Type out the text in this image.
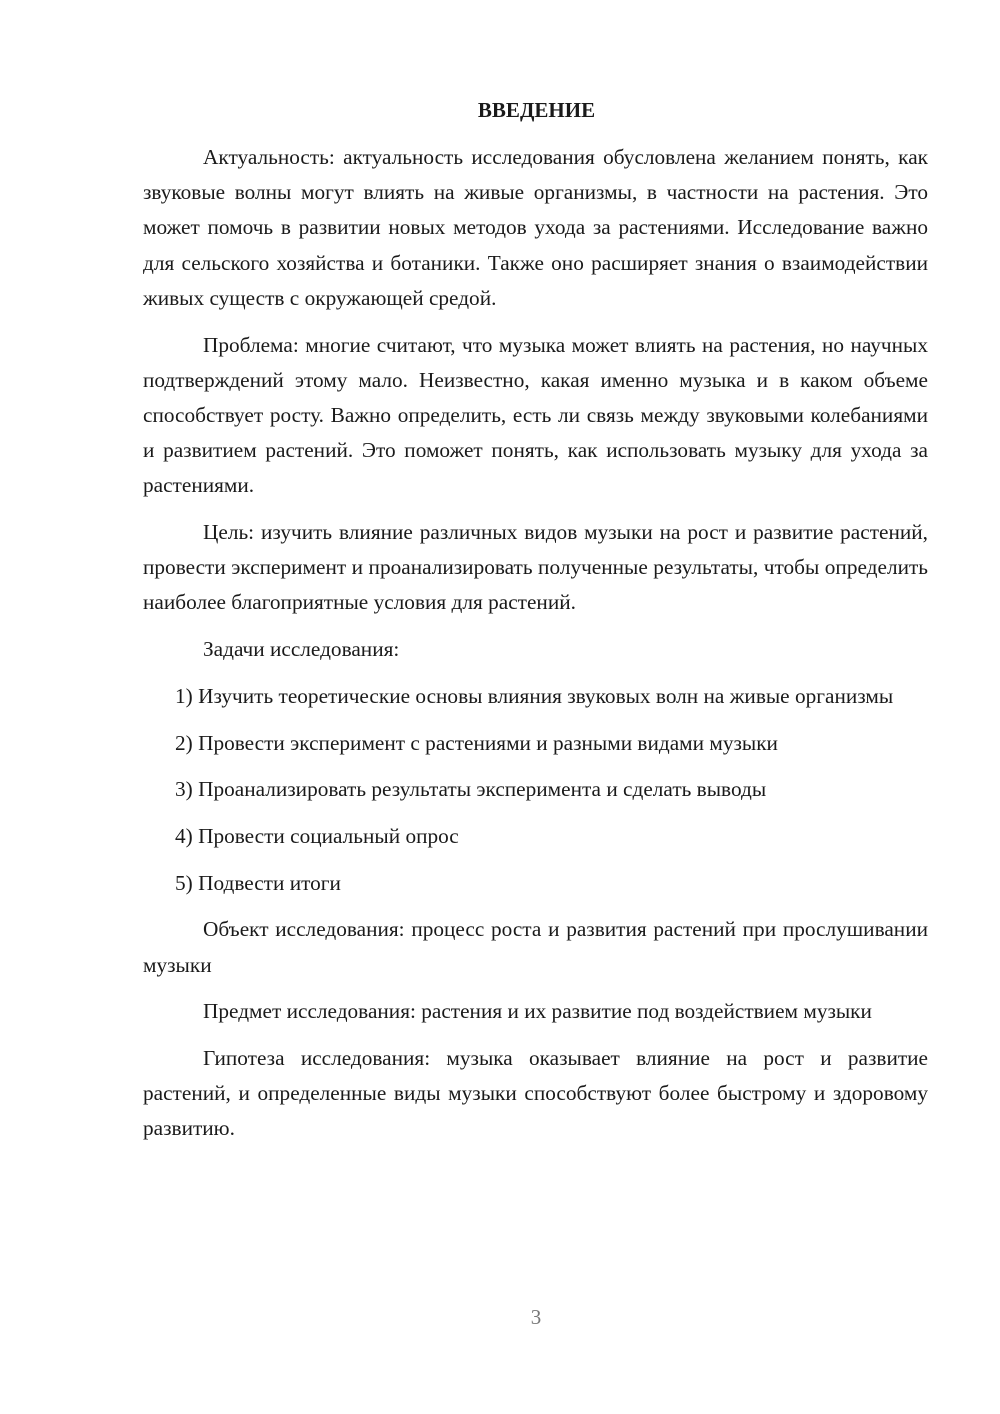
ВВЕДЕНИЕ

Актуальность: актуальность исследования обусловлена желанием понять, как звуковые волны могут влиять на живые организмы, в частности на растения. Это может помочь в развитии новых методов ухода за растениями. Исследование важно для сельского хозяйства и ботаники. Также оно расширяет знания о взаимодействии живых существ с окружающей средой.

Проблема: многие считают, что музыка может влиять на растения, но научных подтверждений этому мало. Неизвестно, какая именно музыка и в каком объеме способствует росту. Важно определить, есть ли связь между звуковыми колебаниями и развитием растений. Это поможет понять, как использовать музыку для ухода за растениями.

Цель: изучить влияние различных видов музыки на рост и развитие растений, провести эксперимент и проанализировать полученные результаты, чтобы определить наиболее благоприятные условия для растений.

Задачи исследования:

1) Изучить теоретические основы влияния звуковых волн на живые организмы

2) Провести эксперимент с растениями и разными видами музыки

3) Проанализировать результаты эксперимента и сделать выводы

4) Провести социальный опрос

5) Подвести итоги

Объект исследования: процесс роста и развития растений при прослушивании музыки

Предмет исследования: растения и их развитие под воздействием музыки

Гипотеза исследования: музыка оказывает влияние на рост и развитие растений, и определенные виды музыки способствуют более быстрому и здоровому развитию.

3
